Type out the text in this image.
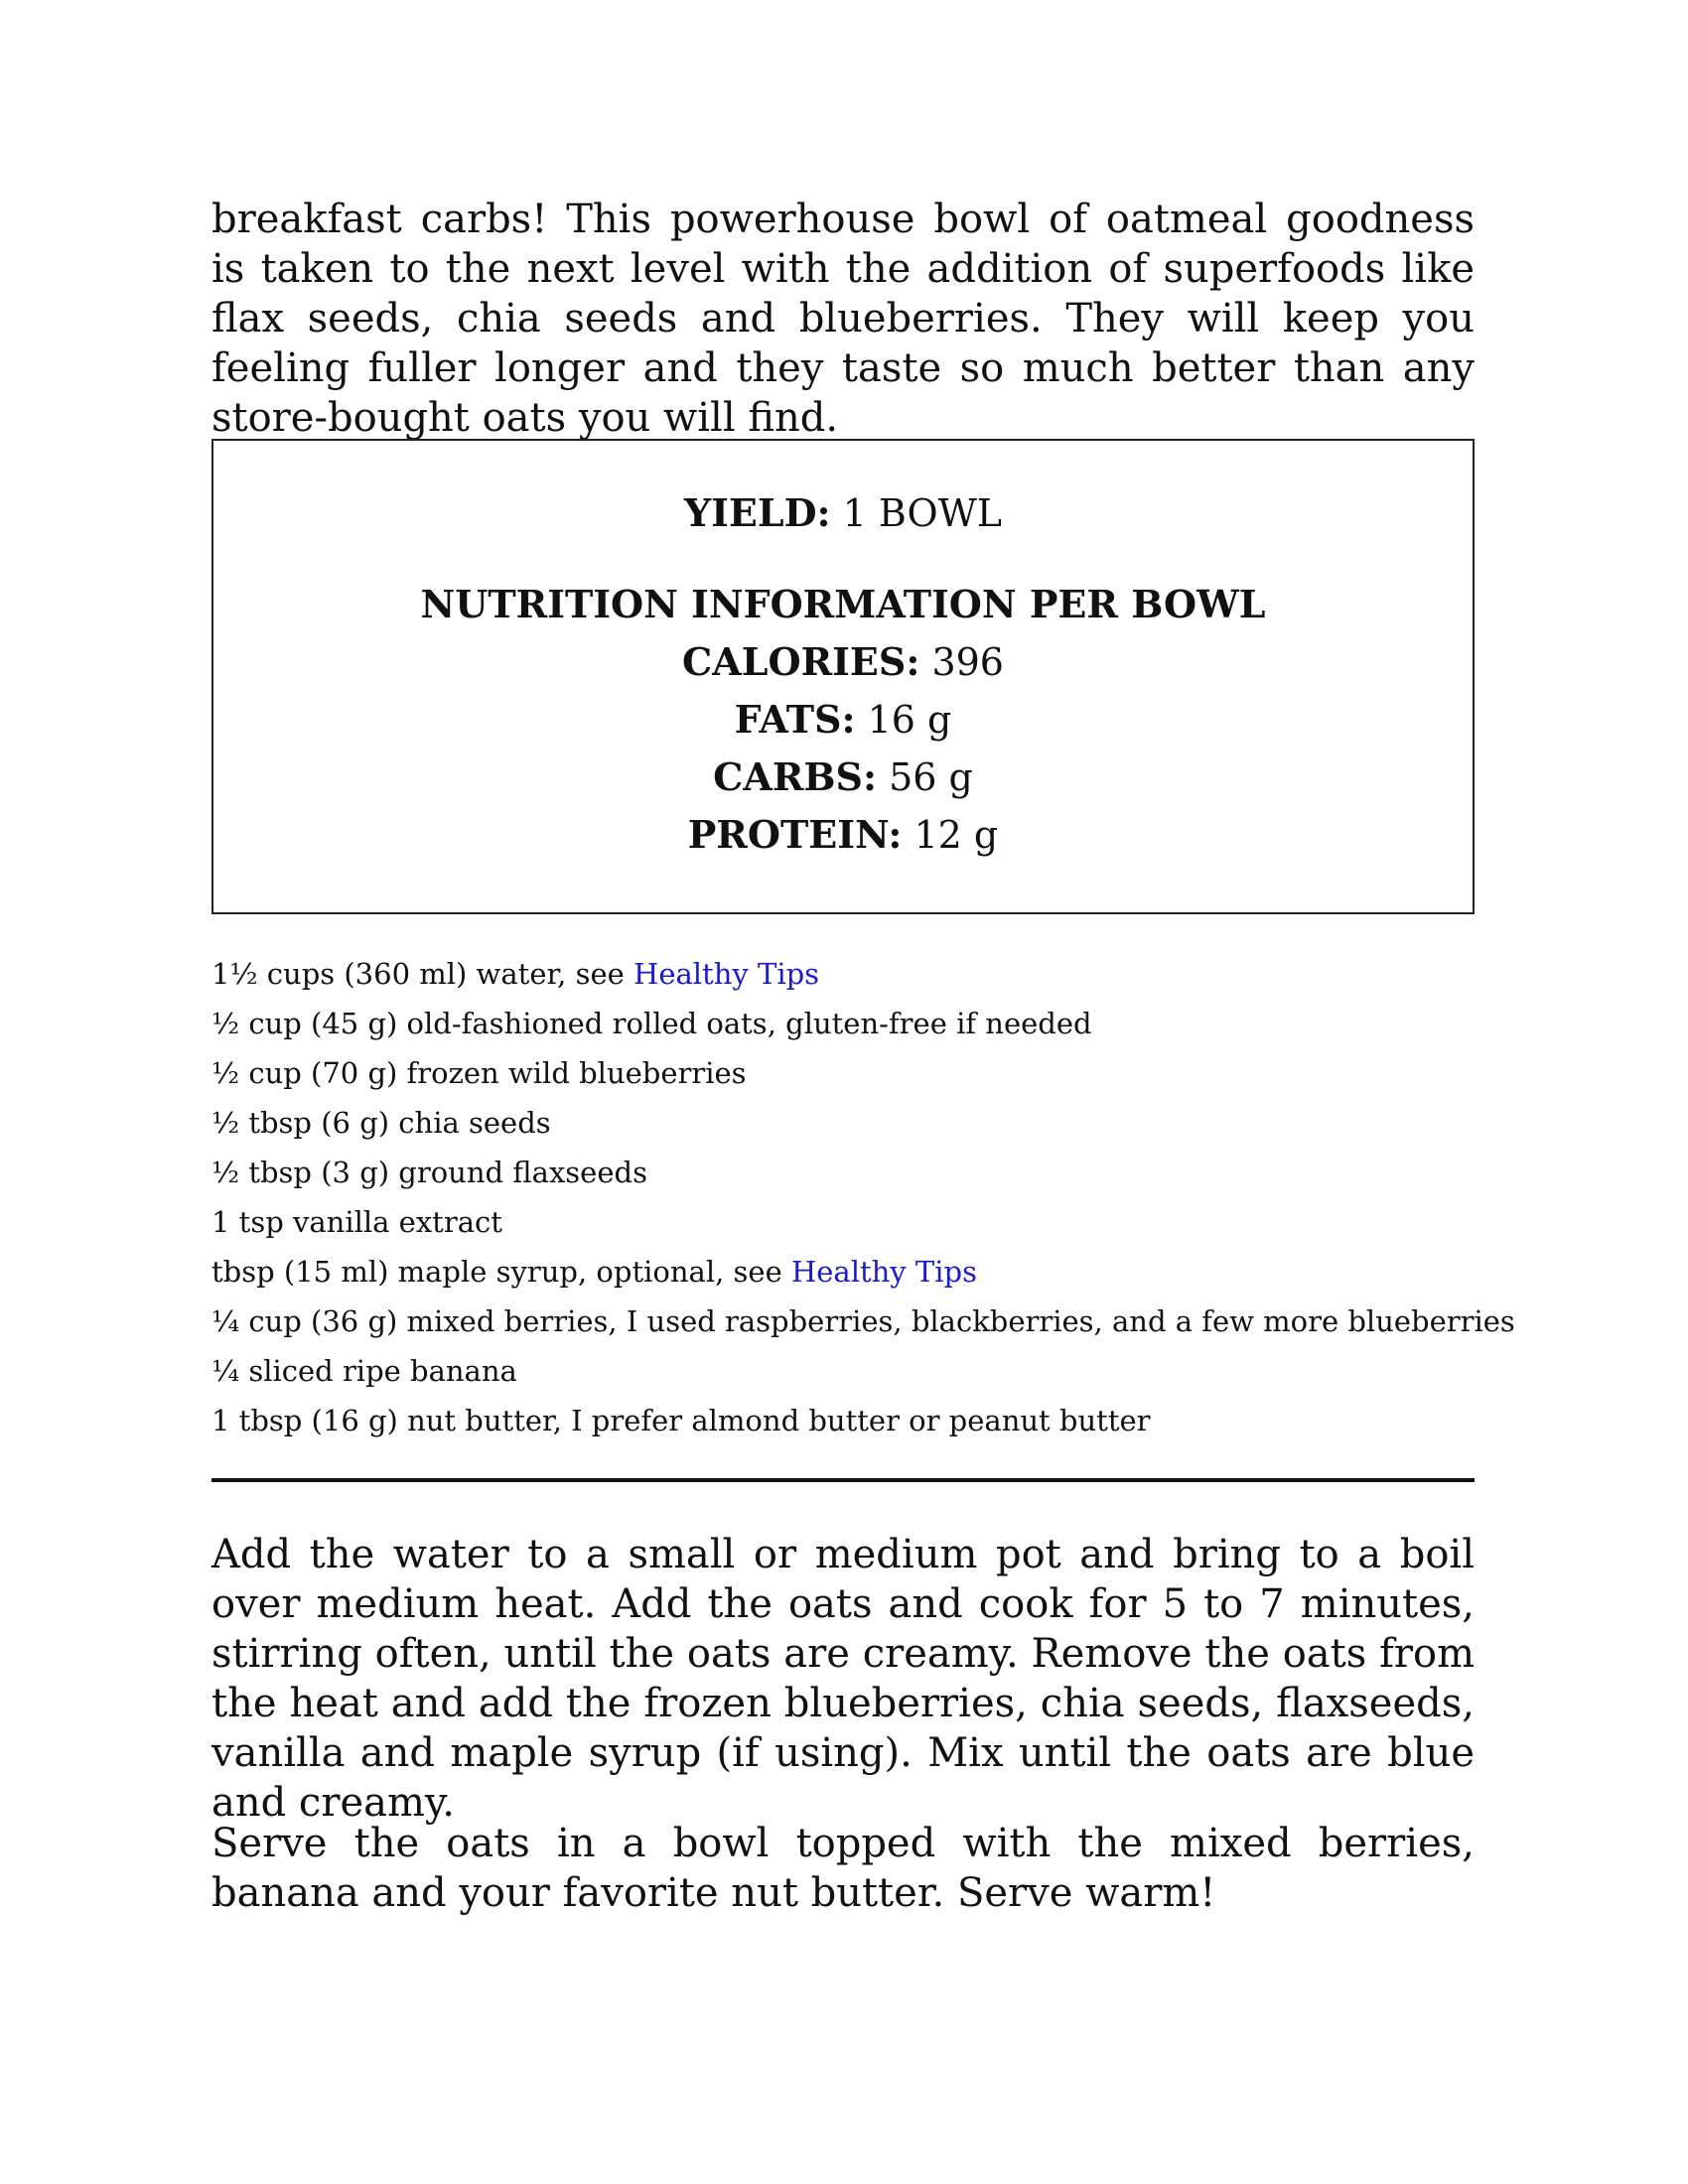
breakfast carbs! This powerhouse bowl of oatmeal goodness is taken to the next level with the addition of superfoods like flax seeds, chia seeds and blueberries. They will keep you feeling fuller longer and they taste so much better than any store-bought oats you will find.

YIELD: 1 BOWL
NUTRITION INFORMATION PER BOWL
CALORIES: 396
FATS: 16 g
CARBS: 56 g
PROTEIN: 12 g
1½ cups (360 ml) water, see Healthy Tips
½ cup (45 g) old-fashioned rolled oats, gluten-free if needed
½ cup (70 g) frozen wild blueberries
½ tbsp (6 g) chia seeds
½ tbsp (3 g) ground flaxseeds
1 tsp vanilla extract
tbsp (15 ml) maple syrup, optional, see Healthy Tips
¼ cup (36 g) mixed berries, I used raspberries, blackberries, and a few more blueberries
¼ sliced ripe banana
1 tbsp (16 g) nut butter, I prefer almond butter or peanut butter

Add the water to a small or medium pot and bring to a boil over medium heat. Add the oats and cook for 5 to 7 minutes, stirring often, until the oats are creamy. Remove the oats from the heat and add the frozen blueberries, chia seeds, flaxseeds, vanilla and maple syrup (if using). Mix until the oats are blue and creamy.

Serve the oats in a bowl topped with the mixed berries, banana and your favorite nut butter. Serve warm!
